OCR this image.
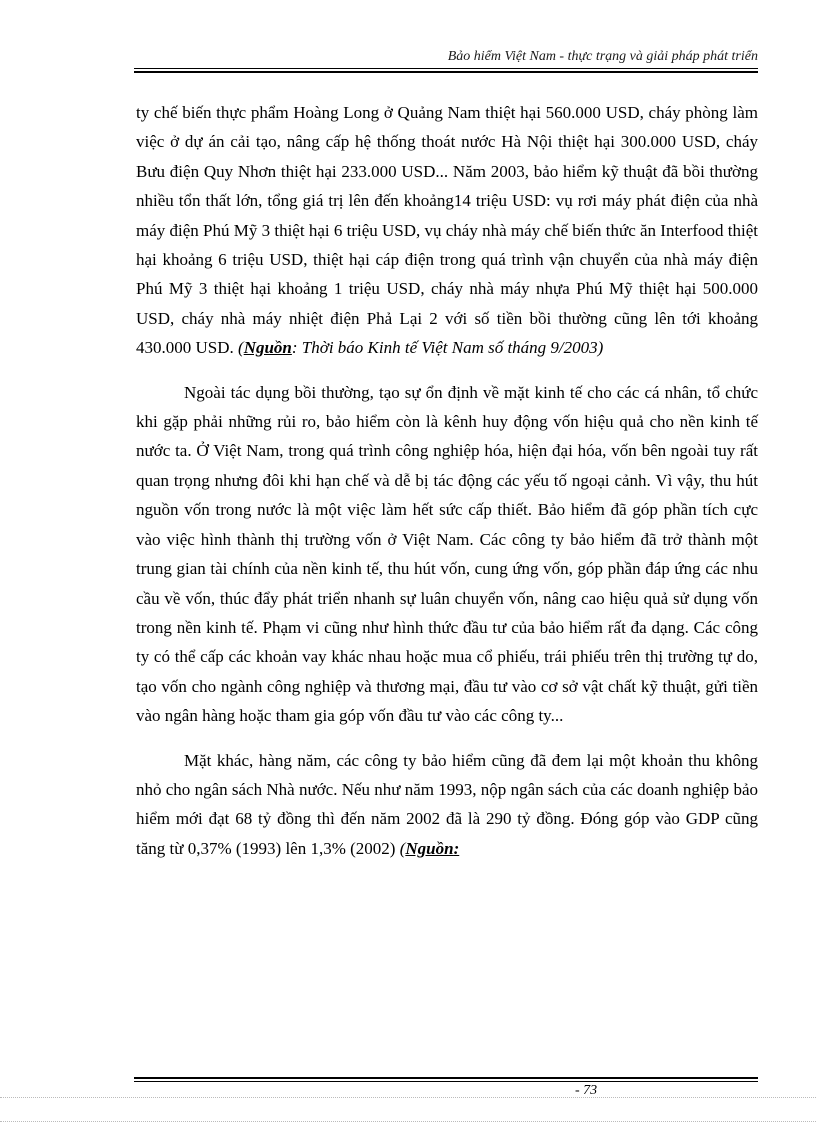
Bảo hiểm Việt Nam - thực trạng và giải pháp phát triển

ty chế biến thực phẩm Hoàng Long ở Quảng Nam thiệt hại 560.000 USD, cháy phòng làm việc ở dự án cải tạo, nâng cấp hệ thống thoát nước Hà Nội thiệt hại 300.000 USD, cháy Bưu điện Quy Nhơn thiệt hại 233.000 USD... Năm 2003, bảo hiểm kỹ thuật đã bồi thường nhiều tổn thất lớn, tổng giá trị lên đến khoảng14 triệu USD: vụ rơi máy phát điện của nhà máy điện Phú Mỹ 3 thiệt hại 6 triệu USD, vụ cháy nhà máy chế biến thức ăn Interfood thiệt hại khoảng 6 triệu USD, thiệt hại cáp điện trong quá trình vận chuyển của nhà máy điện Phú Mỹ 3 thiệt hại khoảng 1 triệu USD, cháy nhà máy nhựa Phú Mỹ thiệt hại 500.000 USD, cháy nhà máy nhiệt điện Phả Lại 2 với số tiền bồi thường cũng lên tới khoảng 430.000 USD. (Nguồn: Thời báo Kinh tế Việt Nam số tháng 9/2003)

Ngoài tác dụng bồi thường, tạo sự ổn định về mặt kinh tế cho các cá nhân, tổ chức khi gặp phải những rủi ro, bảo hiểm còn là kênh huy động vốn hiệu quả cho nền kinh tế nước ta. Ở Việt Nam, trong quá trình công nghiệp hóa, hiện đại hóa, vốn bên ngoài tuy rất quan trọng nhưng đôi khi hạn chế và dễ bị tác động các yếu tố ngoại cảnh. Vì vậy, thu hút nguồn vốn trong nước là một việc làm hết sức cấp thiết. Bảo hiểm đã góp phần tích cực vào việc hình thành thị trường vốn ở Việt Nam. Các công ty bảo hiểm đã trở thành một trung gian tài chính của nền kinh tế, thu hút vốn, cung ứng vốn, góp phần đáp ứng các nhu cầu về vốn, thúc đẩy phát triển nhanh sự luân chuyển vốn, nâng cao hiệu quả sử dụng vốn trong nền kinh tế. Phạm vi cũng như hình thức đầu tư của bảo hiểm rất đa dạng. Các công ty có thể cấp các khoản vay khác nhau hoặc mua cổ phiếu, trái phiếu trên thị trường tự do, tạo vốn cho ngành công nghiệp và thương mại, đầu tư vào cơ sở vật chất kỹ thuật, gửi tiền vào ngân hàng hoặc tham gia góp vốn đầu tư vào các công ty...

Mặt khác, hàng năm, các công ty bảo hiểm cũng đã đem lại một khoản thu không nhỏ cho ngân sách Nhà nước. Nếu như năm 1993, nộp ngân sách của các doanh nghiệp bảo hiểm mới đạt 68 tỷ đồng thì đến năm 2002 đã là 290 tỷ đồng. Đóng góp vào GDP cũng tăng từ 0,37% (1993) lên 1,3% (2002) (Nguồn:

- 73
